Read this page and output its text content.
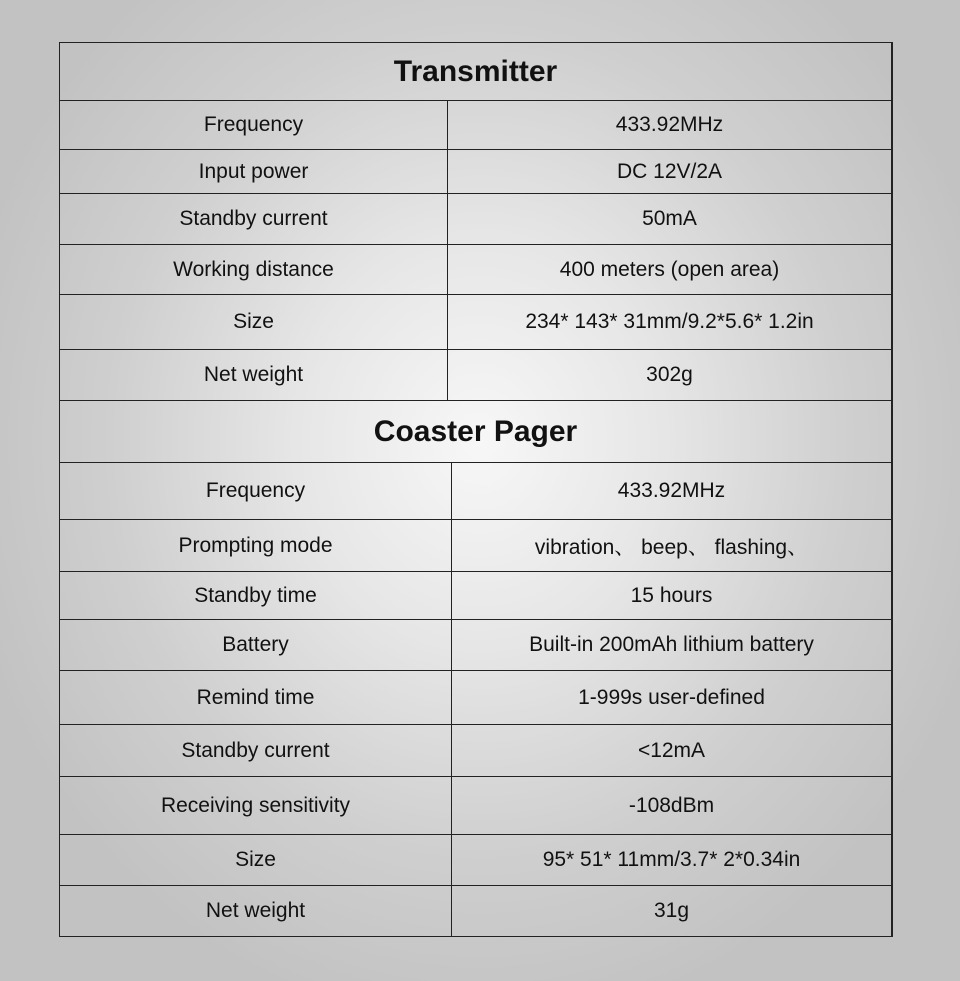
Transmitter
Frequency	433.92MHz
Input power	DC 12V/2A
Standby current	50mA
Working distance	400 meters (open area)
Size	234* 143* 31mm/9.2*5.6* 1.2in
Net weight	302g
Coaster Pager
Frequency	433.92MHz
Prompting mode	vibration、 beep、 flashing、
Standby time	15 hours
Battery	Built-in 200mAh lithium battery
Remind time	1-999s user-defined
Standby current	<12mA
Receiving sensitivity	-108dBm
Size	95* 51* 11mm/3.7* 2*0.34in
Net weight	31g
